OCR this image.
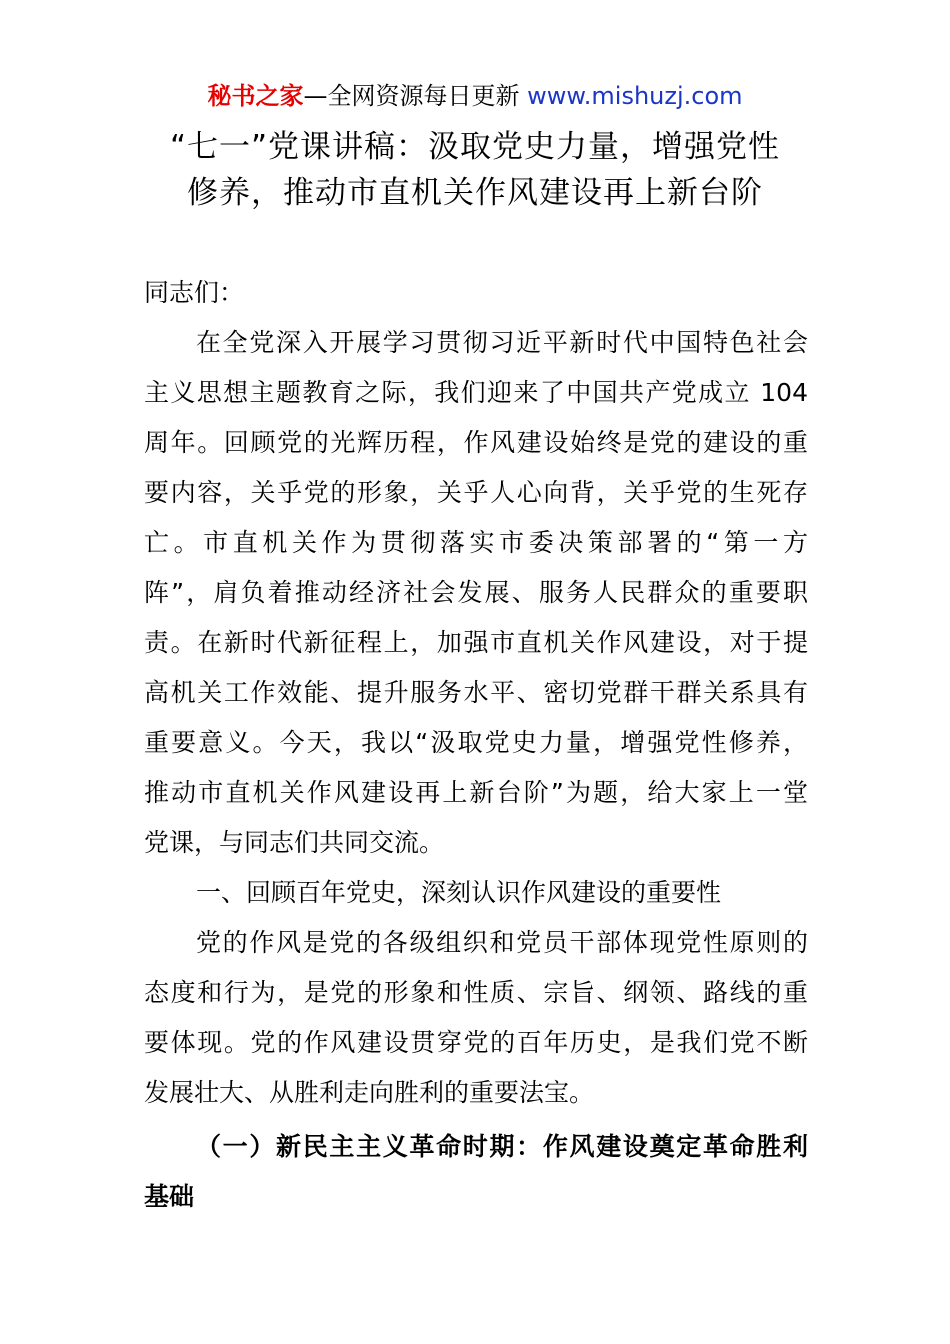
秘书之家—全网资源每日更新 www.mishuzj.com
“七一”党课讲稿：汲取党史力量，增强党性
修养，推动市直机关作风建设再上新台阶
同志们：
在全党深入开展学习贯彻习近平新时代中国特色社会
主义思想主题教育之际，我们迎来了中国共产党成立 104
周年。回顾党的光辉历程，作风建设始终是党的建设的重
要内容，关乎党的形象，关乎人心向背，关乎党的生死存
亡。市直机关作为贯彻落实市委决策部署的“第一方
阵”，肩负着推动经济社会发展、服务人民群众的重要职
责。在新时代新征程上，加强市直机关作风建设，对于提
高机关工作效能、提升服务水平、密切党群干群关系具有
重要意义。今天，我以“汲取党史力量，增强党性修养，
推动市直机关作风建设再上新台阶”为题，给大家上一堂
党课，与同志们共同交流。
一、回顾百年党史，深刻认识作风建设的重要性
党的作风是党的各级组织和党员干部体现党性原则的
态度和行为，是党的形象和性质、宗旨、纲领、路线的重
要体现。党的作风建设贯穿党的百年历史，是我们党不断
发展壮大、从胜利走向胜利的重要法宝。
（一）新民主主义革命时期：作风建设奠定革命胜利
基础
